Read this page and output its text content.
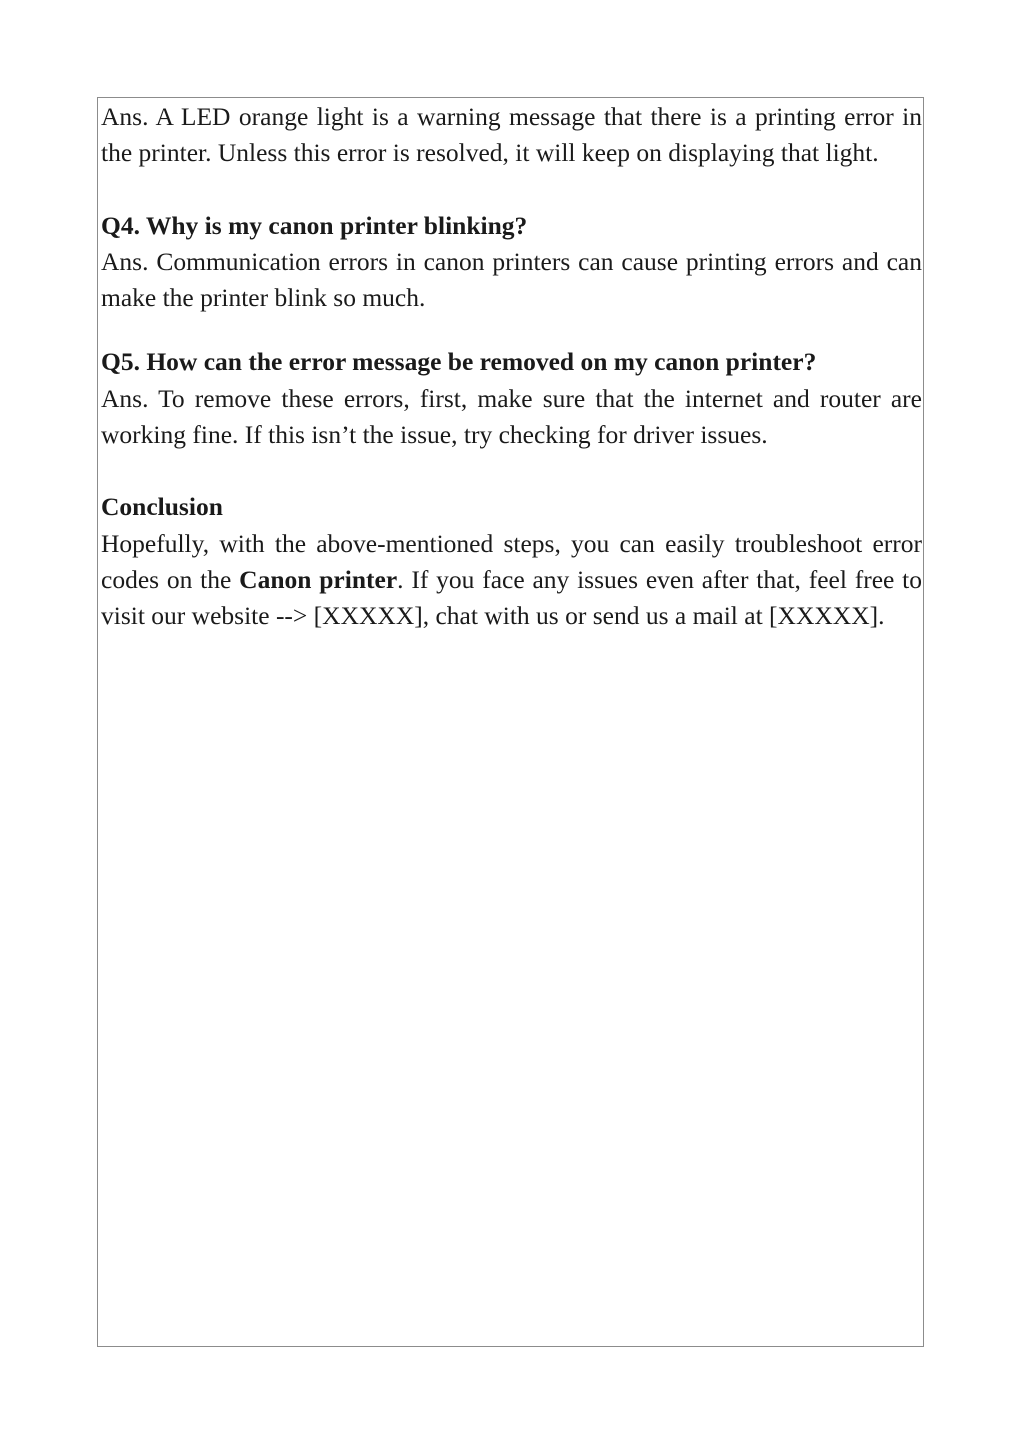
Ans. A LED orange light is a warning message that there is a printing error in the printer. Unless this error is resolved, it will keep on displaying that light.

Q4. Why is my canon printer blinking?

Ans. Communication errors in canon printers can cause printing errors and can make the printer blink so much.

Q5. How can the error message be removed on my canon printer?

Ans. To remove these errors, first, make sure that the internet and router are working fine. If this isn’t the issue, try checking for driver issues.

Conclusion

Hopefully, with the above-mentioned steps, you can easily troubleshoot error codes on the Canon printer. If you face any issues even after that, feel free to visit our website --> [XXXXX], chat with us or send us a mail at [XXXXX].
